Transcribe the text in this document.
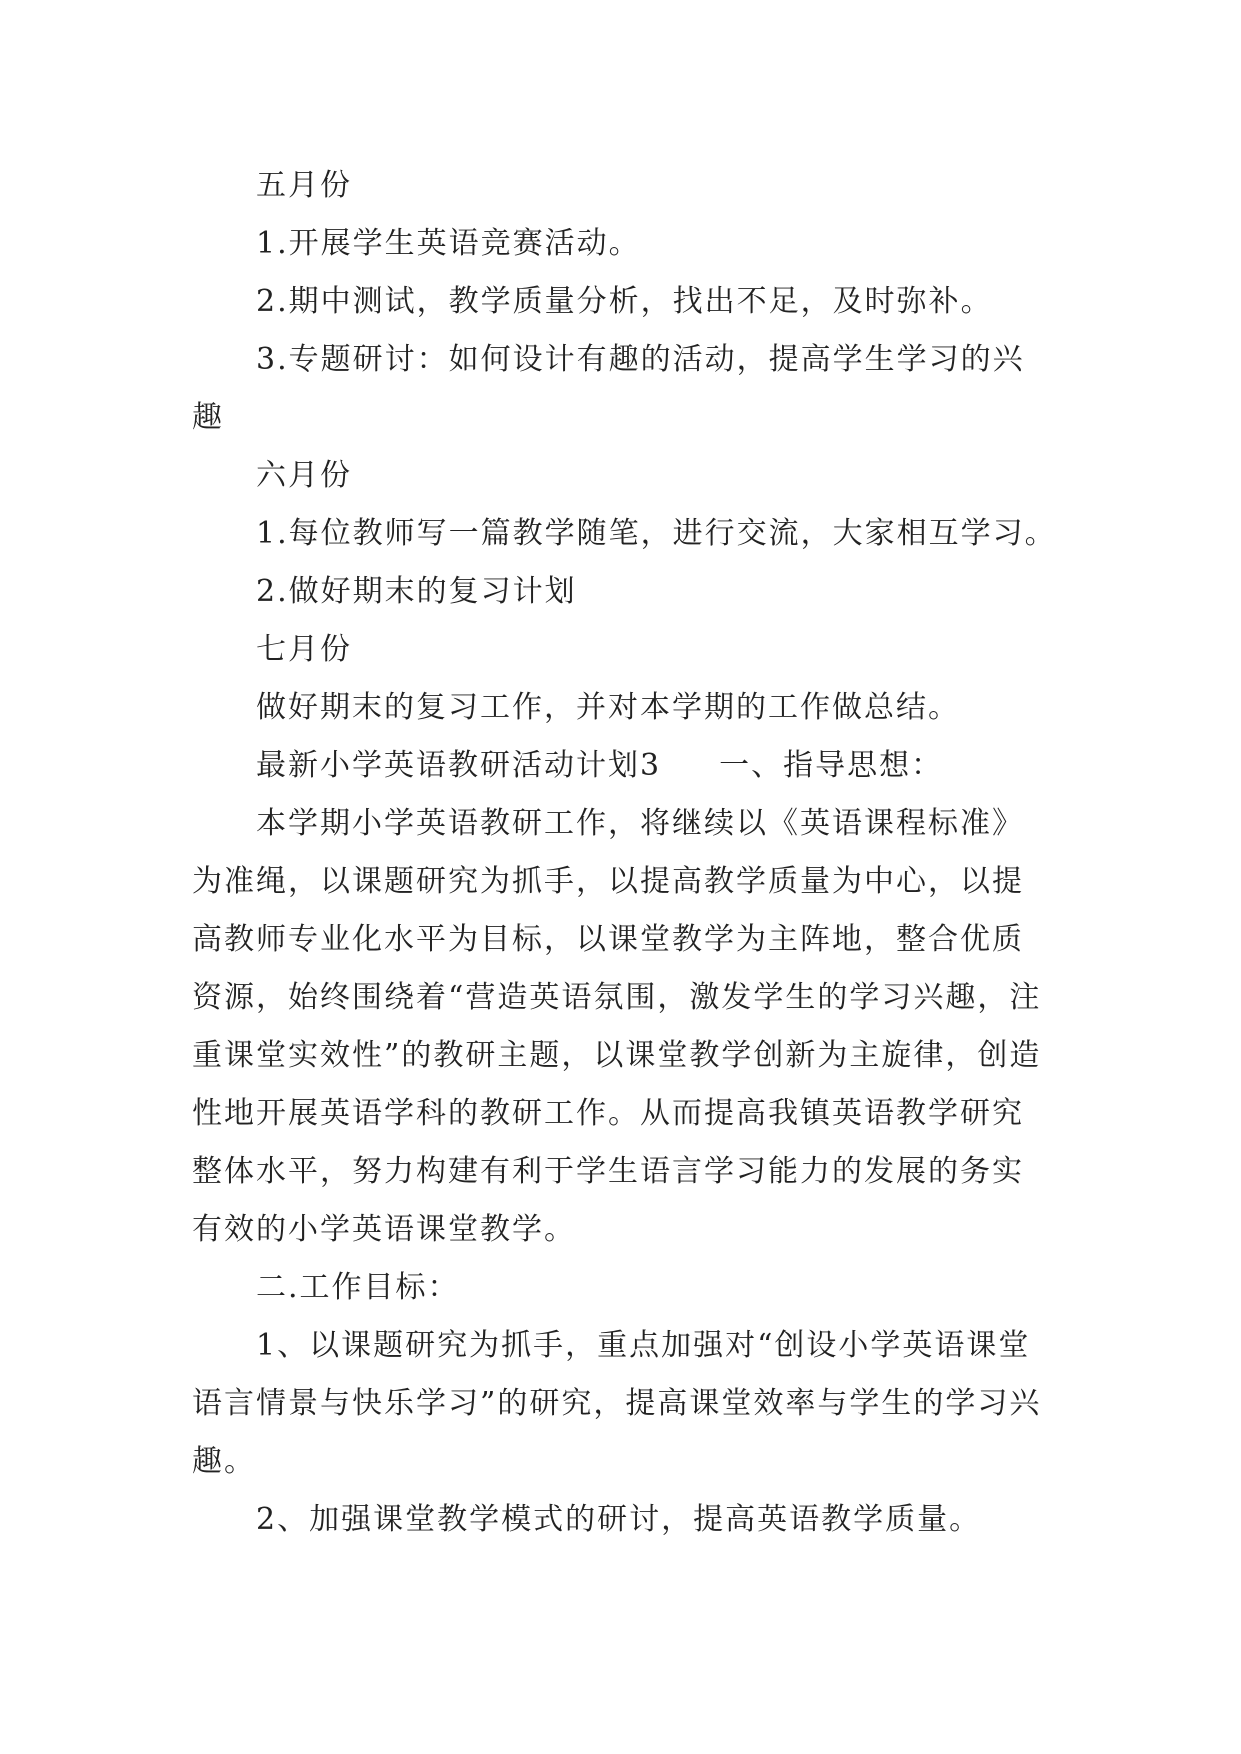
五月份

1.开展学生英语竞赛活动。

2.期中测试，教学质量分析，找出不足，及时弥补。

3.专题研讨：如何设计有趣的活动，提高学生学习的兴趣

六月份

1.每位教师写一篇教学随笔，进行交流，大家相互学习。

2.做好期末的复习计划

七月份

做好期末的复习工作，并对本学期的工作做总结。

最新小学英语教研活动计划3 一、指导思想：

本学期小学英语教研工作，将继续以《英语课程标准》为准绳，以课题研究为抓手，以提高教学质量为中心，以提高教师专业化水平为目标，以课堂教学为主阵地，整合优质资源，始终围绕着“营造英语氛围，激发学生的学习兴趣，注重课堂实效性”的教研主题，以课堂教学创新为主旋律，创造性地开展英语学科的教研工作。从而提高我镇英语教学研究整体水平，努力构建有利于学生语言学习能力的发展的务实有效的小学英语课堂教学。

二.工作目标：

1、以课题研究为抓手，重点加强对“创设小学英语课堂语言情景与快乐学习”的研究，提高课堂效率与学生的学习兴趣。

2、加强课堂教学模式的研讨，提高英语教学质量。
